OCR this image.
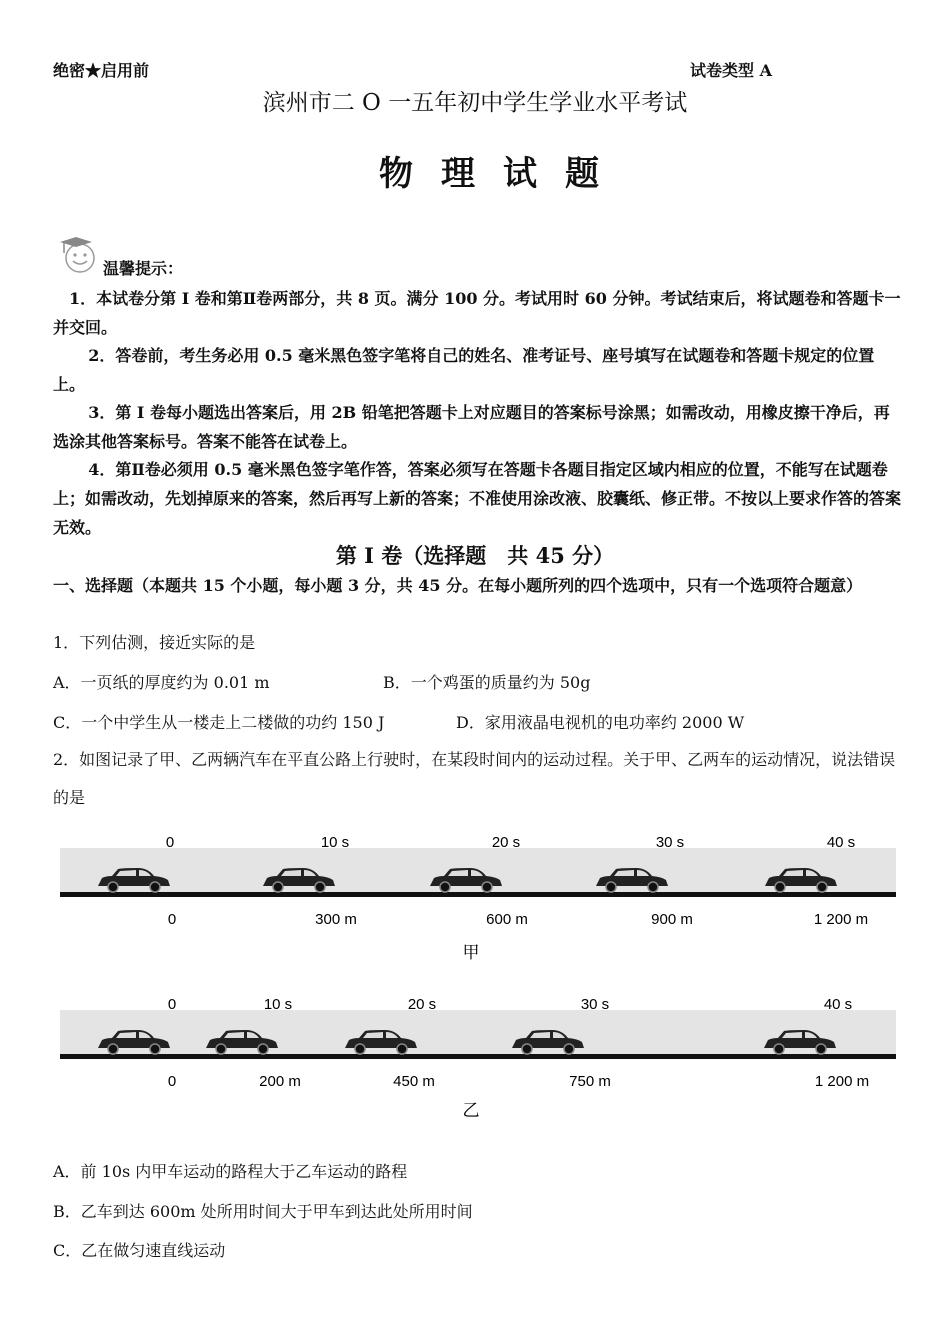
绝密★启用前	试卷类型 A
滨州市二 O 一五年初中学生学业水平考试
物理试题
温馨提示：
1．本试卷分第 I 卷和第Ⅱ卷两部分，共 8 页。满分 100 分。考试用时 60 分钟。考试结束后，将试题卷和答题卡一并交回。
2．答卷前，考生务必用 0.5 毫米黑色签字笔将自己的姓名、准考证号、座号填写在试题卷和答题卡规定的位置上。
3．第 I 卷每小题选出答案后，用 2B 铅笔把答题卡上对应题目的答案标号涂黑；如需改动，用橡皮擦干净后，再选涂其他答案标号。答案不能答在试卷上。
4．第Ⅱ卷必须用 0.5 毫米黑色签字笔作答，答案必须写在答题卡各题目指定区域内相应的位置，不能写在试题卷上；如需改动，先划掉原来的答案，然后再写上新的答案；不准使用涂改液、胶囊纸、修正带。不按以上要求作答的答案无效。
第 I 卷（选择题　共 45 分）
一、选择题（本题共 15 个小题，每小题 3 分，共 45 分。在每小题所列的四个选项中，只有一个选项符合题意）
1．下列估测，接近实际的是
A．一页纸的厚度约为 0.01 m	B．一个鸡蛋的质量约为 50g
C．一个中学生从一楼走上二楼做的功约 150 J	D．家用液晶电视机的电功率约 2000 W
2．如图记录了甲、乙两辆汽车在平直公路上行驶时，在某段时间内的运动过程。关于甲、乙两车的运动情况，说法错误的是
0	10 s	20 s	30 s	40 s
0	300 m	600 m	900 m	1 200 m
甲
0	10 s	20 s	30 s	40 s
0	200 m	450 m	750 m	1 200 m
乙
A．前 10s 内甲车运动的路程大于乙车运动的路程
B．乙车到达 600m 处所用时间大于甲车到达此处所用时间
C．乙在做匀速直线运动
